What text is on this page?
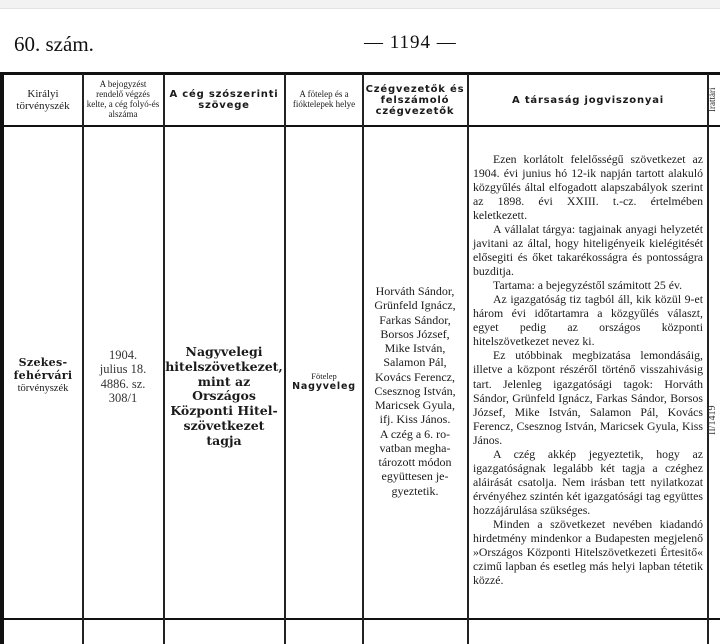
60. szám.	— 1194 —
Királyi törvényszék
A bejogyzést rendelő végzés kelte, a cég folyó-és alszáma
A cég szószerinti szövege
A fötelep és a fióktelepek helye
Czégvezetők és felszámoló czégvezetők
A társaság jogviszonyai	Irattári
Szekes-
fehérvári
törvényszék
1904.
julius 18.
4886. sz.
308/1
Nagyvelegi
hitelszövetkezet,
mint az Országos
Központi Hitel-
szövetkezet tagja
Fötelep
Nagyveleg
Horváth Sándor,
Grünfeld Ignácz,
Farkas Sándor,
Borsos József,
Mike István,
Salamon Pál,
Kovács Ferencz,
Csesznog István,
Maricsek Gyula,
ifj. Kiss János.
A czég a 6. ro-
vatban megha-
tározott módon
együttesen je-
gyeztetik.

Ezen korlátolt felelősségű szövetkezet az 1904. évi junius hó 12-ik napján tartott alakuló közgyűlés által elfogadott alapszabályok szerint az 1898. évi XXIII. t.-cz. értelmében keletkezett.

A vállalat tárgya: tagjainak anyagi helyzetét javitani az által, hogy hiteligényeik kielégitését elősegiti és őket takarékosságra és pontosságra buzditja.

Tartama: a bejegyzéstől számitott 25 év.

Az igazgatóság tiz tagból áll, kik közül 9-et három évi időtartamra a közgyűlés választ, egyet pedig az országos központi hitelszövetkezet nevez ki.

Ez utóbbinak megbizatása lemondásáig, illetve a központ részéről történő visszahivásig tart. Jelenleg igazgatósági tagok: Horváth Sándor, Grünfeld Ignácz, Farkas Sándor, Borsos József, Mike István, Salamon Pál, Kovács Ferencz, Csesznog István, Maricsek Gyula, Kiss János.

A czég akkép jegyeztetik, hogy az igazgatóságnak legalább két tagja a czéghez aláirását csatolja. Nem irásban tett nyilatkozat érvényéhez szintén két igazgatósági tag együttes hozzájárulása szükséges.

Minden a szövetkezet nevében kiadandó hirdetmény mindenkor a Budapesten megjelenő »Országos Központi Hitelszövetkezeti Értesitő« czimű lapban és esetleg más helyi lapban tétetik közzé.

II/1419
